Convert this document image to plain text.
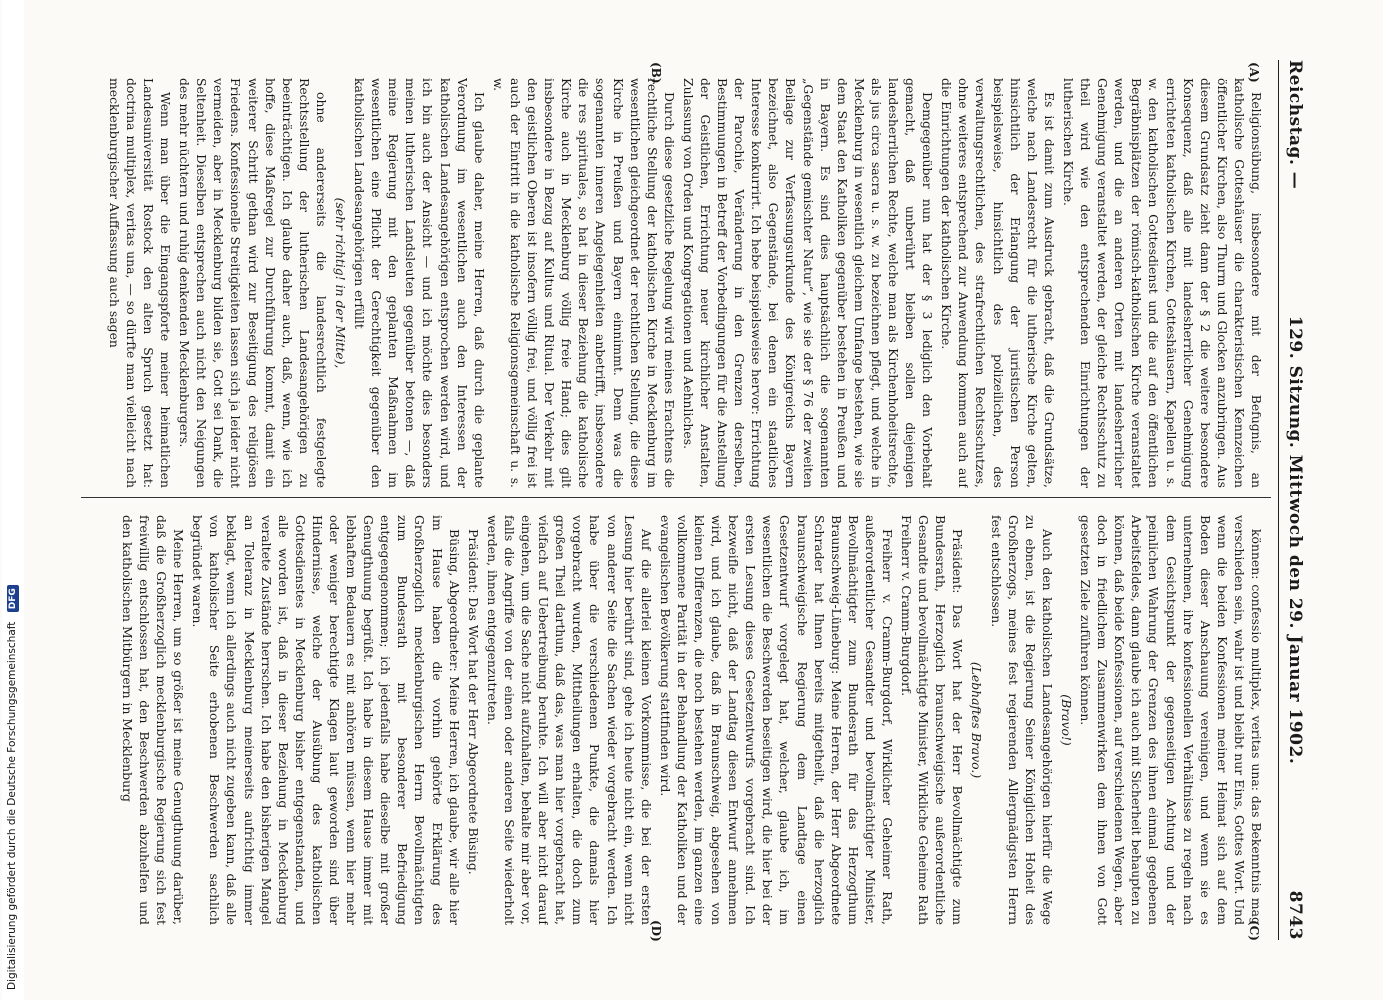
Reichstag. —
129. Sitzung. Mittwoch den 29. Januar 1902.
8743
(A)
(B)
(C)
(D)

Religionsübung, insbesondere mit der Befugnis, an katholische Gotteshäuser die charakteristischen Kennzeichen öffentlicher Kirchen, also Thurm und Glocken anzubringen. Aus diesem Grundsatz zieht dann der § 2 die weitere besondere Konsequenz, daß alle mit landesherrlicher Genehmigung errichteten katholischen Kirchen, Gotteshäusern, Kapellen u. s. w. den katholischen Gottesdienst und die auf den öffentlichen Begräbnisplätzen der römisch-katholischen Kirche veranstaltet werden, und die an anderen Orten mit landesherrlicher Genehmigung veranstaltet werden, der gleiche Rechtsschutz zu theil wird wie den entsprechenden Einrichtungen der lutherischen Kirche.

Es ist damit zum Ausdruck gebracht, daß die Grundsätze, welche nach Landesrecht für die lutherische Kirche gelten, hinsichtlich der Erlangung der juristischen Person beispielsweise, hinsichtlich des polizeilichen, des verwaltungsrechtlichen, des strafrechtlichen Rechtsschutzes, ohne weiteres entsprechend zur Anwendung kommen auch auf die Einrichtungen der katholischen Kirche.

Demgegenüber nun hat der § 3 lediglich den Vorbehalt gemacht, daß unberührt bleiben sollen diejenigen landesherrlichen Rechte, welche man als Kirchenhoheitsrechte, als jus circa sacra u. s. w. zu bezeichnen pflegt, und welche in Mecklenburg in wesentlich gleichem Umfange bestehen, wie sie dem Staat den Katholiken gegenüber bestehen in Preußen und in Bayern. Es sind dies hauptsächlich die sogenannten „Gegenstände gemischter Natur“, wie sie der § 76 der zweiten Beilage zur Verfassungsurkunde des Königreichs Bayern bezeichnet, also Gegenstände, bei denen ein staatliches Interesse konkurrirt. Ich hebe beispielsweise hervor: Errichtung der Parochie, Veränderung in den Grenzen derselben, Bestimmungen in Betreff der Vorbedingungen für die Anstellung der Geistlichen, Errichtung neuer kirchlicher Anstalten, Zulassung von Orden und Kongregationen und Aehnliches.

Durch diese gesetzliche Regelung wird meines Erachtens die rechtliche Stellung der katholischen Kirche in Mecklenburg im wesentlichen gleichgeordnet der rechtlichen Stellung, die diese Kirche in Preußen und Bayern einnimmt. Denn was die sogenannten inneren Angelegenheiten anbetrifft, insbesondere die res spirituales, so hat in dieser Beziehung die katholische Kirche auch in Mecklenburg völlig freie Hand; dies gilt insbesondere in Bezug auf Kultus und Ritual. Der Verkehr mit den geistlichen Oberen ist insofern völlig frei, und völlig frei ist auch der Eintritt in die katholische Religionsgemeinschaft u. s. w.

Ich glaube daher, meine Herren, daß durch die geplante Verordnung im wesentlichen auch den Interessen der katholischen Landesangehörigen entsprochen werden wird, und ich bin auch der Ansicht — und ich möchte dies besonders meinen lutherischen Landsleuten gegenüber betonen —, daß meine Regierung mit den geplanten Maßnahmen im wesentlichen eine Pflicht der Gerechtigkeit gegenüber den katholischen Landesangehörigen erfüllt

(sehr richtig! in der Mitte),

ohne andererseits die landesrechtlich festgelegte Rechtsstellung der lutherischen Landesangehörigen zu beeinträchtigen. Ich glaube daher auch, daß, wenn, wie ich hoffe, diese Maßregel zur Durchführung kommt, damit ein weiterer Schritt gethan wird zur Beseitigung des religiösen Friedens. Konfessionelle Streitigkeiten lassen sich ja leider nicht vermeiden, aber in Mecklenburg bilden sie, Gott sei Dank, die Seltenheit. Dieselben entsprechen auch nicht den Neigungen des mehr nüchtern und ruhig denkenden Mecklenburgers.

Wenn man über die Eingangspforte meiner heimatlichen Landesuniversität Rostock den alten Spruch gesetzt hat: doctrina multiplex, veritas una, — so dürfte man vielleicht nach mecklenburgischer Auffassung auch sagen

können: confessio multiplex, veritas una: das Bekenntnis mag verschieden sein, wahr ist und bleibt nur Eins, Gottes Wort. Und wenn die beiden Konfessionen meiner Heimat sich auf dem Boden dieser Anschauung vereinigen, und wenn sie es unternehmen, ihre konfessionellen Verhältnisse zu regeln nach dem Gesichtspunkt der gegenseitigen Achtung und der peinlichen Wahrung der Grenzen des ihnen einmal gegebenen Arbeitsfeldes, dann glaube ich auch mit Sicherheit behaupten zu können, daß beide Konfessionen, auf verschiedenen Wegen, aber doch in friedlichem Zusammenwirken dem ihnen von Gott gesetzten Ziele zuführen können.

(Bravo!)

Auch den katholischen Landesangehörigen hierfür die Wege zu ebnen, ist die Regierung Seiner Königlichen Hoheit des Großherzogs, meines fest regierenden Allergnädigsten Herrn fest entschlossen.

(Lebhaftes Bravo.)

Präsident: Das Wort hat der Herr Bevollmächtigte zum Bundesrath, Herzoglich braunschweigische außerordentliche Gesandte und bevollmächtigte Minister, Wirkliche Geheime Rath Freiherr v. Cramm-Burgdorf.

Freiherr v. Cramm-Burgdorf, Wirklicher Geheimer Rath, außerordentlicher Gesandter und bevollmächtigter Minister, Bevollmächtigter zum Bundesrath für das Herzogthum Braunschweig-Lüneburg: Meine Herren, der Herr Abgeordnete Schrader hat Ihnen bereits mitgetheilt, daß die herzoglich braunschweigische Regierung dem Landtage einen Gesetzentwurf vorgelegt hat, welcher, glaube ich, im wesentlichen die Beschwerden beseitigen wird, die hier bei der ersten Lesung dieses Gesetzentwurfs vorgebracht sind. Ich bezweifle nicht, daß der Landtag diesen Entwurf annehmen wird, und ich glaube, daß in Braunschweig, abgesehen von kleinen Differenzen, die noch bestehen werden, im ganzen eine vollkommene Parität in der Behandlung der Katholiken und der evangelischen Bevölkerung stattfinden wird.

Auf die allerlei kleinen Vorkommnisse, die bei der ersten Lesung hier berührt sind, gehe ich heute nicht ein, wenn nicht von anderer Seite die Sachen wieder vorgebracht werden. Ich habe über die verschiedenen Punkte, die damals hier vorgebracht wurden, Mittheilungen erhalten, die doch zum großen Theil darthun, daß das, was man hier vorgebracht hat, vielfach auf Uebertreibung beruhte. Ich will aber nicht darauf eingehen, um die Sache nicht aufzuhalten, behalte mir aber vor, falls die Angriffe von der einen oder anderen Seite wiederholt werden, ihnen entgegenzutreten.

Präsident: Das Wort hat der Herr Abgeordnete Büsing.

Büsing, Abgeordneter: Meine Herren, ich glaube, wir alle hier im Hause haben die vorhin gehörte Erklärung des Großherzoglich mecklenburgischen Herrn Bevollmächtigten zum Bundesrath mit besonderer Befriedigung entgegengenommen; ich jedenfalls habe dieselbe mit großer Genugthuung begrüßt. Ich habe in diesem Hause immer mit lebhaftem Bedauern es mit anhören müssen, wenn hier mehr oder weniger berechtigte Klagen laut geworden sind über Hindernisse, welche der Ausübung des katholischen Gottesdienstes in Mecklenburg bisher entgegenstanden, und alle worden ist, daß in dieser Beziehung in Mecklenburg veraltete Zustände herrschen. Ich habe den bisherigen Mangel an Toleranz in Mecklenburg meinerseits aufrichtig immer beklagt, wenn ich allerdings auch nicht zugeben kann, daß alle von katholischer Seite erhobenen Beschwerden sachlich begründet waren.

Meine Herren, um so größer ist meine Genugthuung darüber, daß die Großherzoglich mecklenburgische Regierung sich fest freiwillig entschlossen hat, den Beschwerden abzuhelfen und den katholischen Mitbürgern in Mecklenburg

Digitalisierung gefördert durch die Deutsche Forschungsgemeinschaft DFG
